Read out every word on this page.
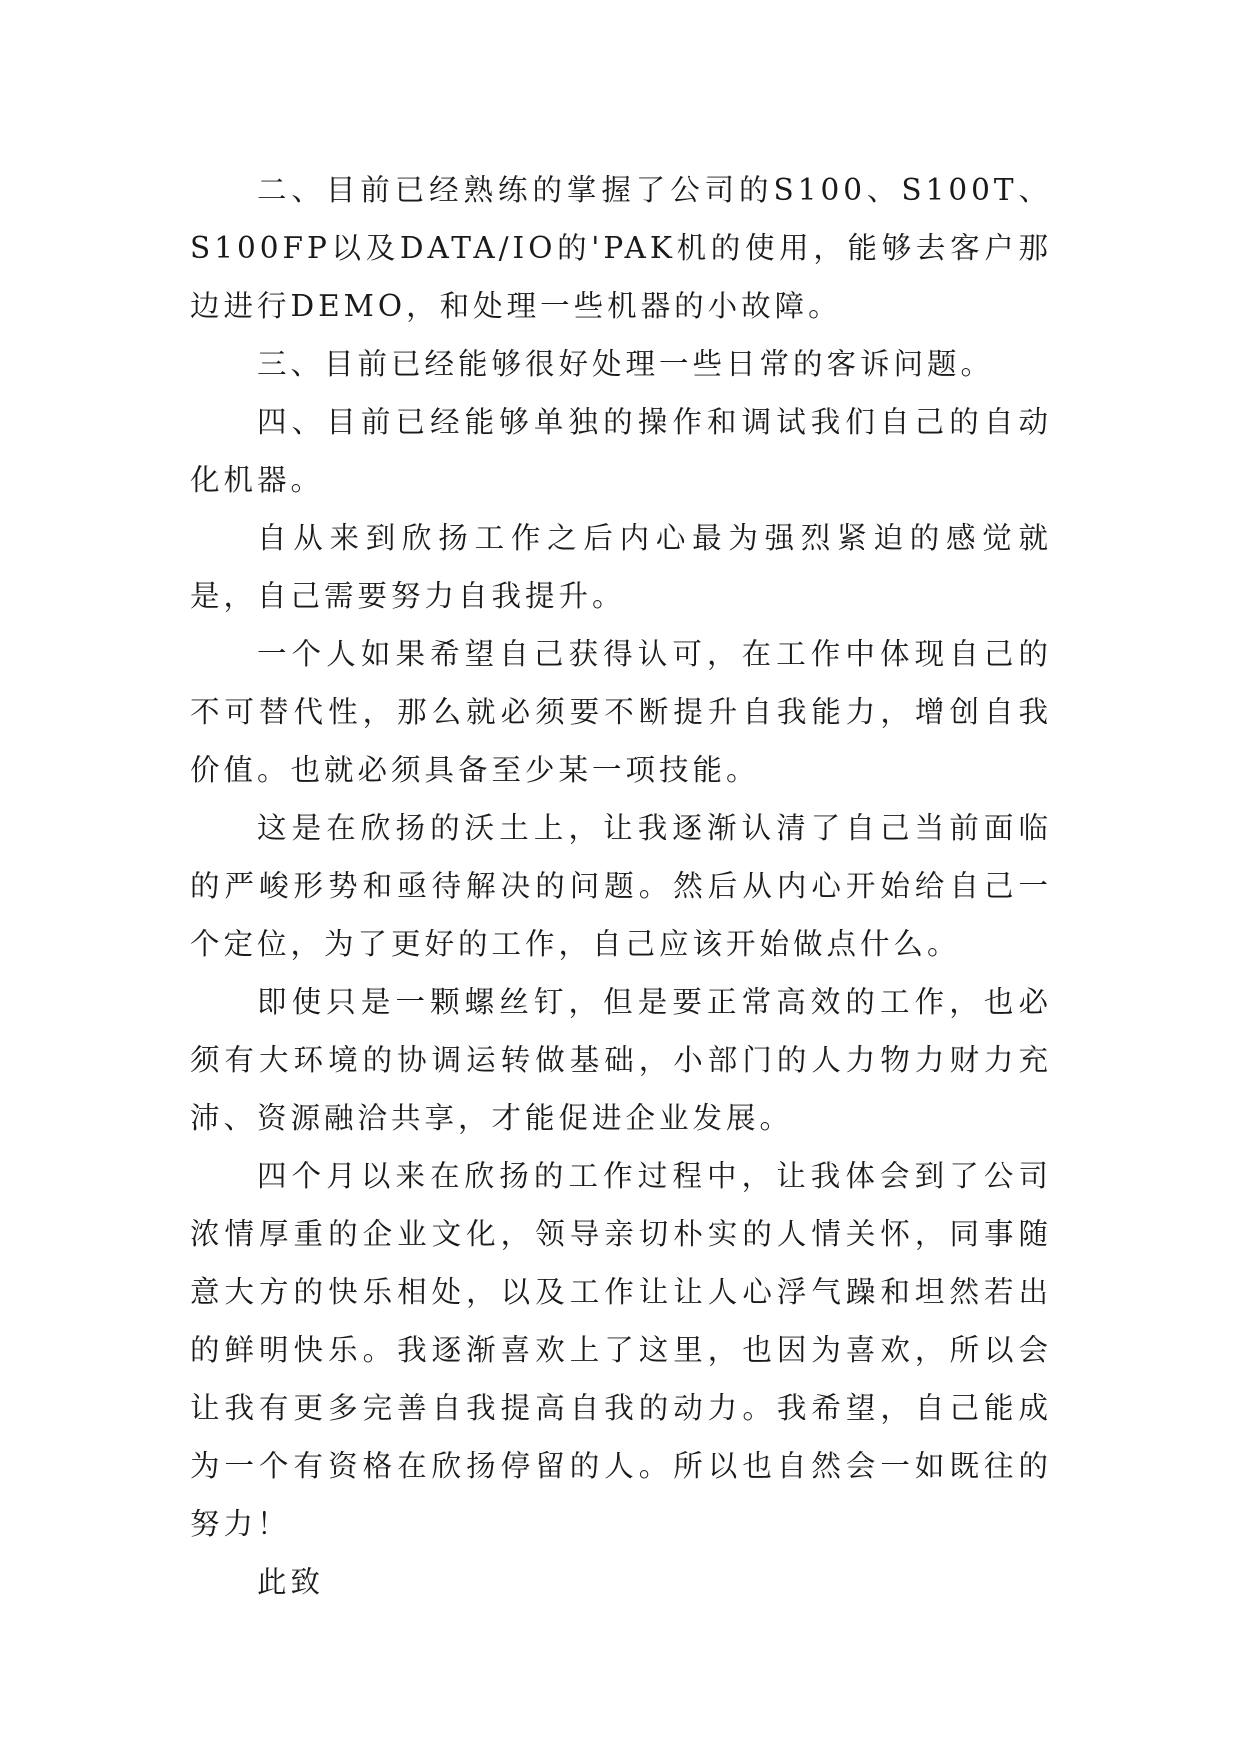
二、目前已经熟练的掌握了公司的S100、S100T、S100FP以及DATA/IO的'PAK机的使用，能够去客户那边进行DEMO，和处理一些机器的小故障。

三、目前已经能够很好处理一些日常的客诉问题。

四、目前已经能够单独的操作和调试我们自己的自动化机器。

自从来到欣扬工作之后内心最为强烈紧迫的感觉就是，自己需要努力自我提升。

一个人如果希望自己获得认可，在工作中体现自己的不可替代性，那么就必须要不断提升自我能力，增创自我价值。也就必须具备至少某一项技能。

这是在欣扬的沃土上，让我逐渐认清了自己当前面临的严峻形势和亟待解决的问题。然后从内心开始给自己一个定位，为了更好的工作，自己应该开始做点什么。

即使只是一颗螺丝钉，但是要正常高效的工作，也必须有大环境的协调运转做基础，小部门的人力物力财力充沛、资源融洽共享，才能促进企业发展。

四个月以来在欣扬的工作过程中，让我体会到了公司浓情厚重的企业文化，领导亲切朴实的人情关怀，同事随意大方的快乐相处，以及工作让让人心浮气躁和坦然若出的鲜明快乐。我逐渐喜欢上了这里，也因为喜欢，所以会让我有更多完善自我提高自我的动力。我希望，自己能成为一个有资格在欣扬停留的人。所以也自然会一如既往的努力！

此致
